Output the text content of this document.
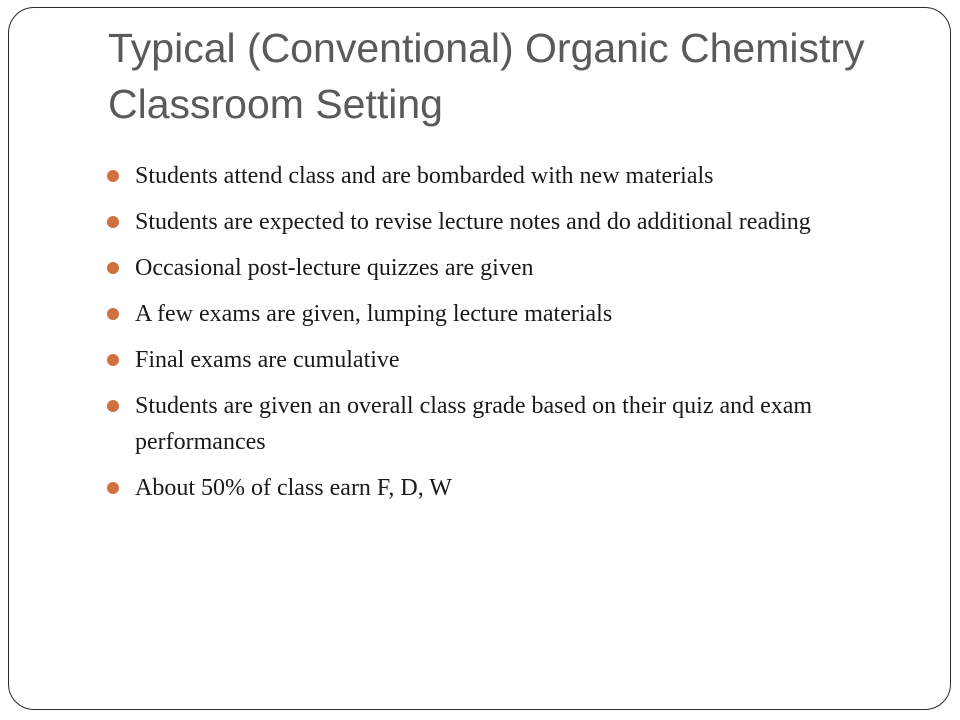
Typical (Conventional) Organic Chemistry Classroom Setting
Students attend class and are bombarded with new materials
Students are expected to revise lecture notes and do additional reading
Occasional post-lecture quizzes are given
A few exams are given, lumping lecture materials
Final exams are cumulative
Students are given an overall class grade based on their quiz and exam performances
About 50% of class earn F, D, W
